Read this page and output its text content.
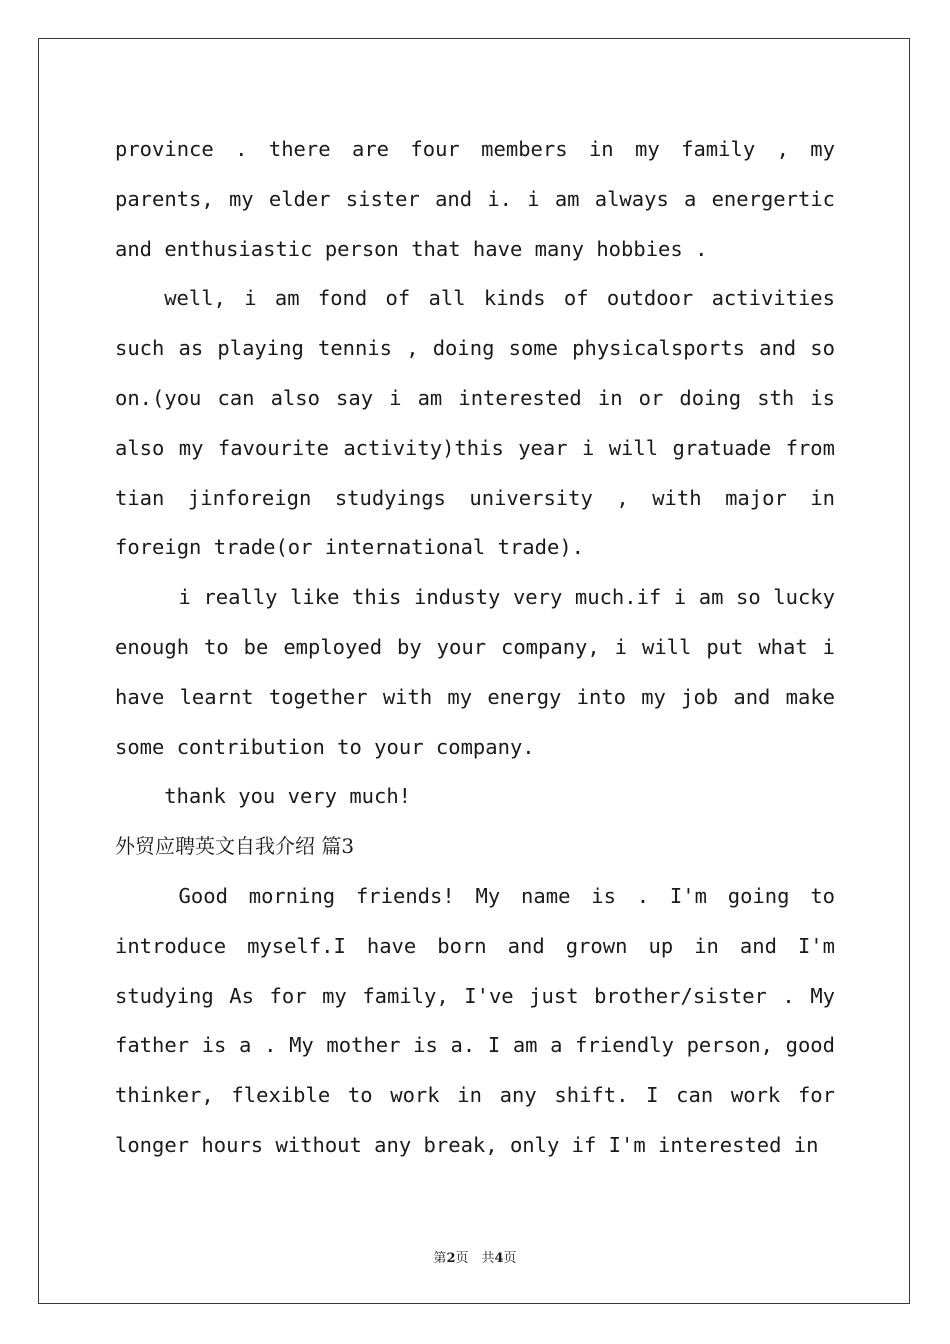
province . there are four members in my family , my parents, my elder sister and i. i am always a energertic and enthusiastic person that have many hobbies .

well, i am fond of all kinds of outdoor activities such as playing tennis , doing some physicalsports and so on.(you can also say i am interested in or doing sth is also my favourite activity)this year i will gratuade from tian jinforeign studyings university , with major in foreign trade(or international trade).

i really like this industy very much.if i am so lucky enough to be employed by your company, i will put what i have learnt together with my energy into my job and make some contribution to your company.

thank you very much!

外贸应聘英文自我介绍 篇3

Good morning friends! My name is . I'm going to introduce myself.I have born and grown up in and I'm studying As for my family, I've just brother/sister . My father is a . My mother is a. I am a friendly person, good thinker, flexible to work in any shift. I can work for longer hours without any break, only if I'm interested in

第2页　共4页
